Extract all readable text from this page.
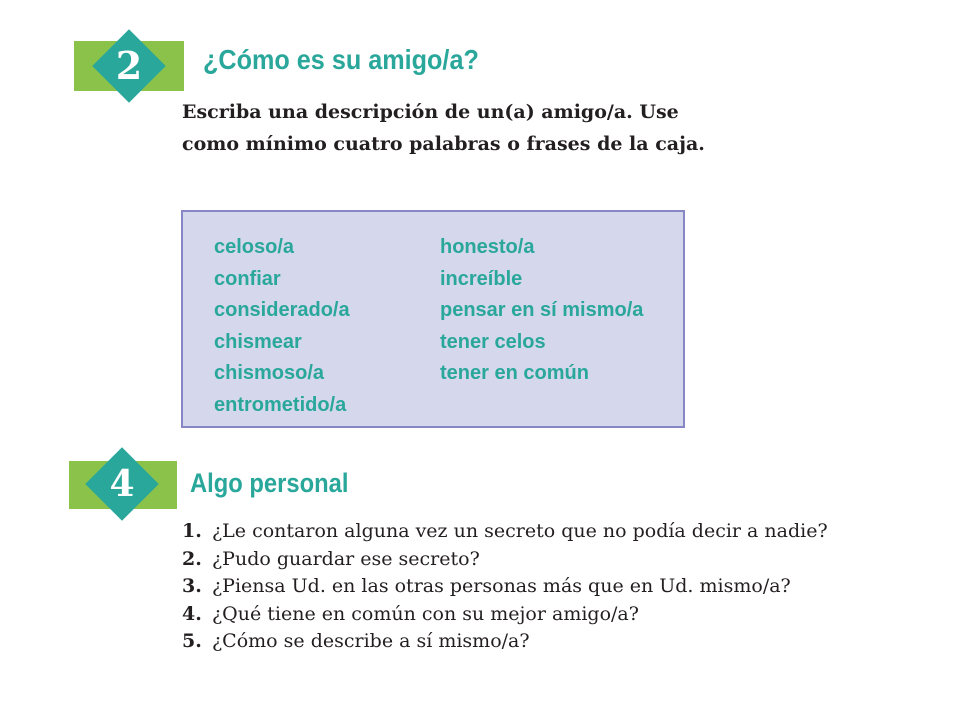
2	¿Cómo es su amigo/a?
Escriba una descripción de un(a) amigo/a. Use
como mínimo cuatro palabras o frases de la caja.
celoso/a
confiar
considerado/a
chismear
chismoso/a
entrometido/a
honesto/a
increíble
pensar en sí mismo/a
tener celos
tener en común
4	Algo personal
1. ¿Le contaron alguna vez un secreto que no podía decir a nadie?
2. ¿Pudo guardar ese secreto?
3. ¿Piensa Ud. en las otras personas más que en Ud. mismo/a?
4. ¿Qué tiene en común con su mejor amigo/a?
5. ¿Cómo se describe a sí mismo/a?
